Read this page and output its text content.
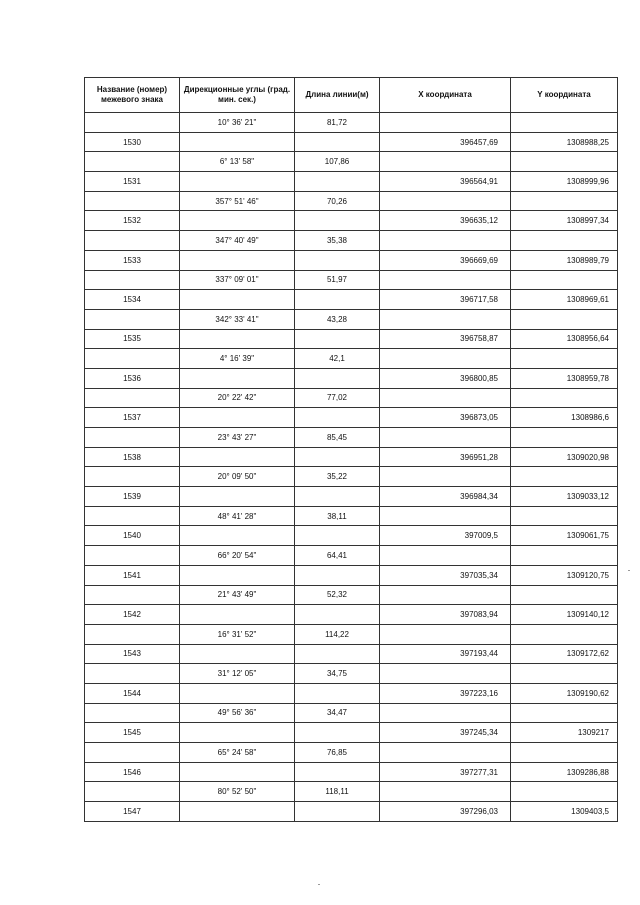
Название (номер) межевого знака	Дирекционные углы (град. мин. сек.)	Длина линии(м)	X координата	Y координата
	10° 36' 21"	81,72		
1530			396457,69	1308988,25
	6° 13' 58"	107,86		
1531			396564,91	1308999,96
	357° 51' 46"	70,26		
1532			396635,12	1308997,34
	347° 40' 49"	35,38		
1533			396669,69	1308989,79
	337° 09' 01"	51,97		
1534			396717,58	1308969,61
	342° 33' 41"	43,28		
1535			396758,87	1308956,64
	4° 16' 39"	42,1		
1536			396800,85	1308959,78
	20° 22' 42"	77,02		
1537			396873,05	1308986,6
	23° 43' 27"	85,45		
1538			396951,28	1309020,98
	20° 09' 50"	35,22		
1539			396984,34	1309033,12
	48° 41' 28"	38,11		
1540			397009,5	1309061,75
	66° 20' 54"	64,41		
1541			397035,34	1309120,75
	21° 43' 49"	52,32		
1542			397083,94	1309140,12
	16° 31' 52"	114,22		
1543			397193,44	1309172,62
	31° 12' 05"	34,75		
1544			397223,16	1309190,62
	49° 56' 36"	34,47		
1545			397245,34	1309217
	65° 24' 58"	76,85		
1546			397277,31	1309286,88
	80° 52' 50"	118,11		
1547			397296,03	1309403,5
